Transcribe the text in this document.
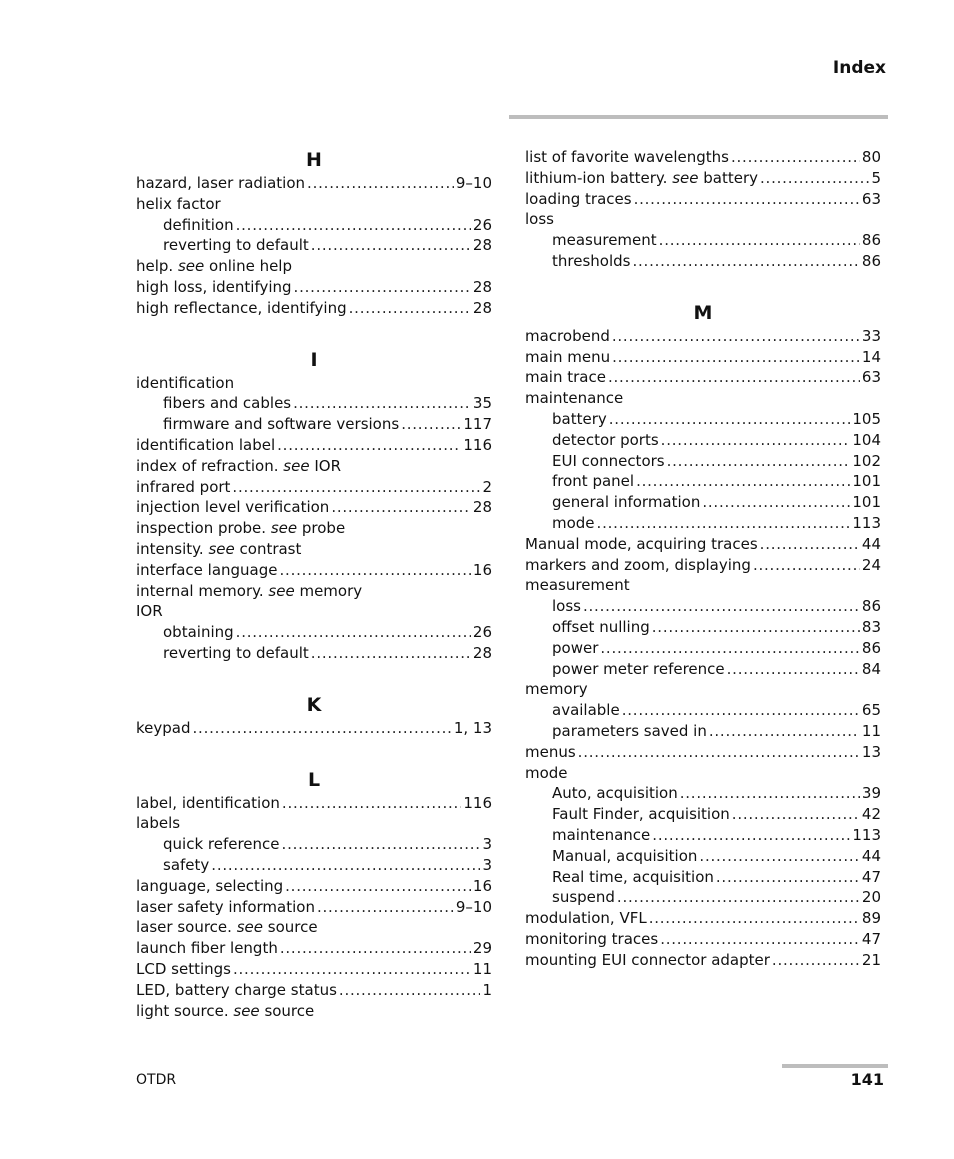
Index
H
hazard, laser radiation . . .	9–10
helix factor
definition . . .	26
reverting to default . . .	28
help. see online help
high loss, identifying . . .	28
high reflectance, identifying . . .	28
I
identification
fibers and cables . . .	35
firmware and software versions . . .	117
identification label . . .	116
index of refraction. see IOR
infrared port . . .	2
injection level verification . . .	28
inspection probe. see probe
intensity. see contrast
interface language . . .	16
internal memory. see memory
IOR
obtaining . . .	26
reverting to default . . .	28
K
keypad . . .	1, 13
L
label, identification . . .	116
labels
quick reference . . .	3
safety . . .	3
language, selecting . . .	16
laser safety information . . .	9–10
laser source. see source
launch fiber length . . .	29
LCD settings . . .	11
LED, battery charge status . . .	1
light source. see source
list of favorite wavelengths . . .	80
lithium-ion battery. see battery . . .	5
loading traces . . .	63
loss
measurement . . .	86
thresholds . . .	86
M
macrobend . . .	33
main menu . . .	14
main trace . . .	63
maintenance
battery . . .	105
detector ports . . .	104
EUI connectors . . .	102
front panel . . .	101
general information . . .	101
mode . . .	113
Manual mode, acquiring traces . . .	44
markers and zoom, displaying . . .	24
measurement
loss . . .	86
offset nulling . . .	83
power . . .	86
power meter reference . . .	84
memory
available . . .	65
parameters saved in . . .	11
menus . . .	13
mode
Auto, acquisition . . .	39
Fault Finder, acquisition . . .	42
maintenance . . .	113
Manual, acquisition . . .	44
Real time, acquisition . . .	47
suspend . . .	20
modulation, VFL . . .	89
monitoring traces . . .	47
mounting EUI connector adapter . . .	21
OTDR	141
